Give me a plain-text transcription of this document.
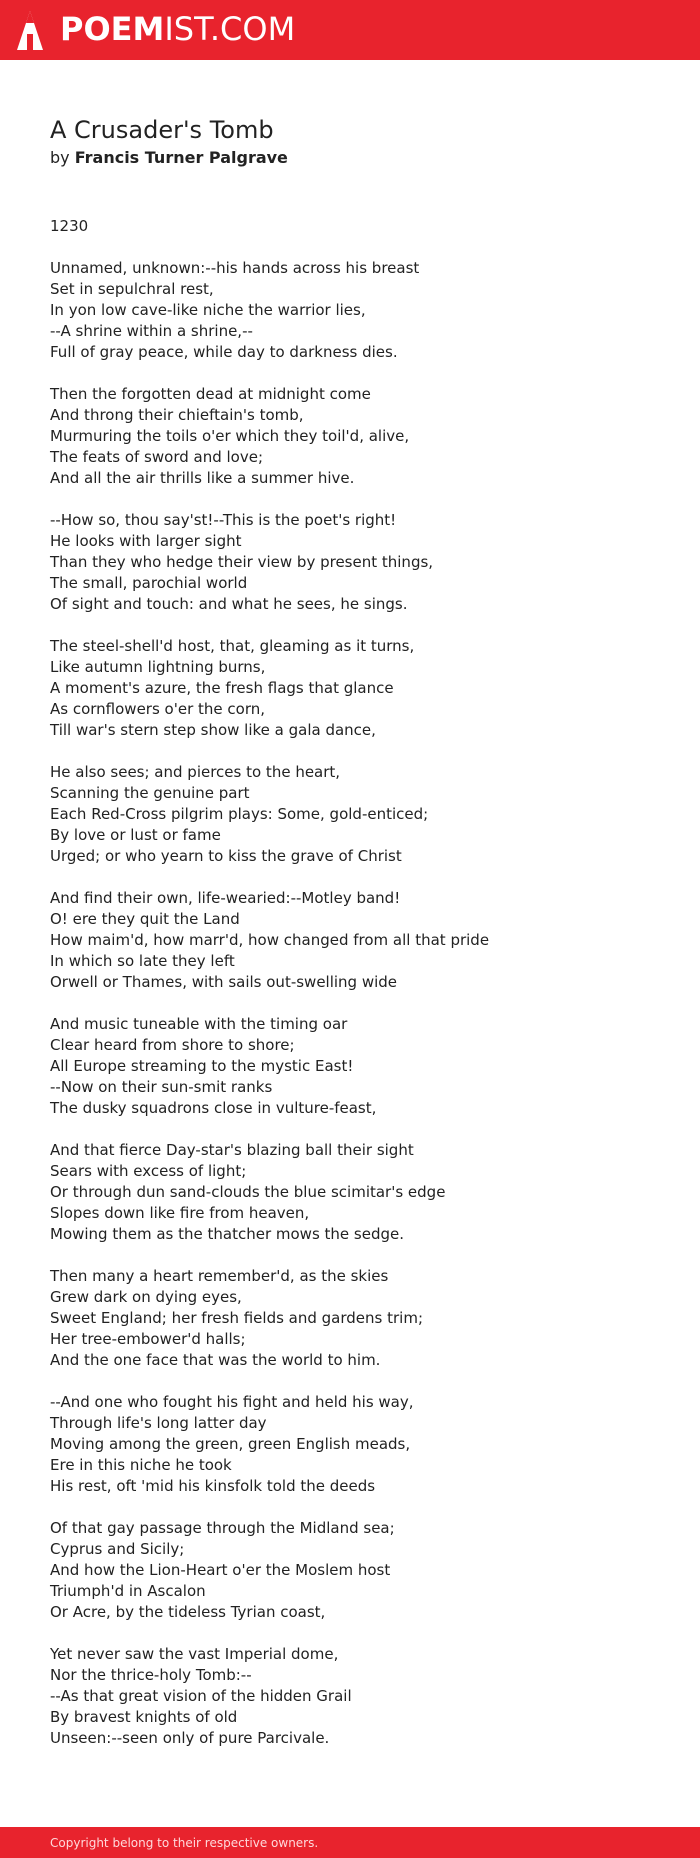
POEMIST.COM
A Crusader's Tomb
by Francis Turner Palgrave
1230
Unnamed, unknown:--his hands across his breast
Set in sepulchral rest,
In yon low cave-like niche the warrior lies,
--A shrine within a shrine,--
Full of gray peace, while day to darkness dies.
Then the forgotten dead at midnight come
And throng their chieftain's tomb,
Murmuring the toils o'er which they toil'd, alive,
The feats of sword and love;
And all the air thrills like a summer hive.
--How so, thou say'st!--This is the poet's right!
He looks with larger sight
Than they who hedge their view by present things,
The small, parochial world
Of sight and touch: and what he sees, he sings.
The steel-shell'd host, that, gleaming as it turns,
Like autumn lightning burns,
A moment's azure, the fresh flags that glance
As cornflowers o'er the corn,
Till war's stern step show like a gala dance,
He also sees; and pierces to the heart,
Scanning the genuine part
Each Red-Cross pilgrim plays: Some, gold-enticed;
By love or lust or fame
Urged; or who yearn to kiss the grave of Christ
And find their own, life-wearied:--Motley band!
O! ere they quit the Land
How maim'd, how marr'd, how changed from all that pride
In which so late they left
Orwell or Thames, with sails out-swelling wide
And music tuneable with the timing oar
Clear heard from shore to shore;
All Europe streaming to the mystic East!
--Now on their sun-smit ranks
The dusky squadrons close in vulture-feast,
And that fierce Day-star's blazing ball their sight
Sears with excess of light;
Or through dun sand-clouds the blue scimitar's edge
Slopes down like fire from heaven,
Mowing them as the thatcher mows the sedge.
Then many a heart remember'd, as the skies
Grew dark on dying eyes,
Sweet England; her fresh fields and gardens trim;
Her tree-embower'd halls;
And the one face that was the world to him.
--And one who fought his fight and held his way,
Through life's long latter day
Moving among the green, green English meads,
Ere in this niche he took
His rest, oft 'mid his kinsfolk told the deeds
Of that gay passage through the Midland sea;
Cyprus and Sicily;
And how the Lion-Heart o'er the Moslem host
Triumph'd in Ascalon
Or Acre, by the tideless Tyrian coast,
Yet never saw the vast Imperial dome,
Nor the thrice-holy Tomb:--
--As that great vision of the hidden Grail
By bravest knights of old
Unseen:--seen only of pure Parcivale.
Copyright belong to their respective owners.
